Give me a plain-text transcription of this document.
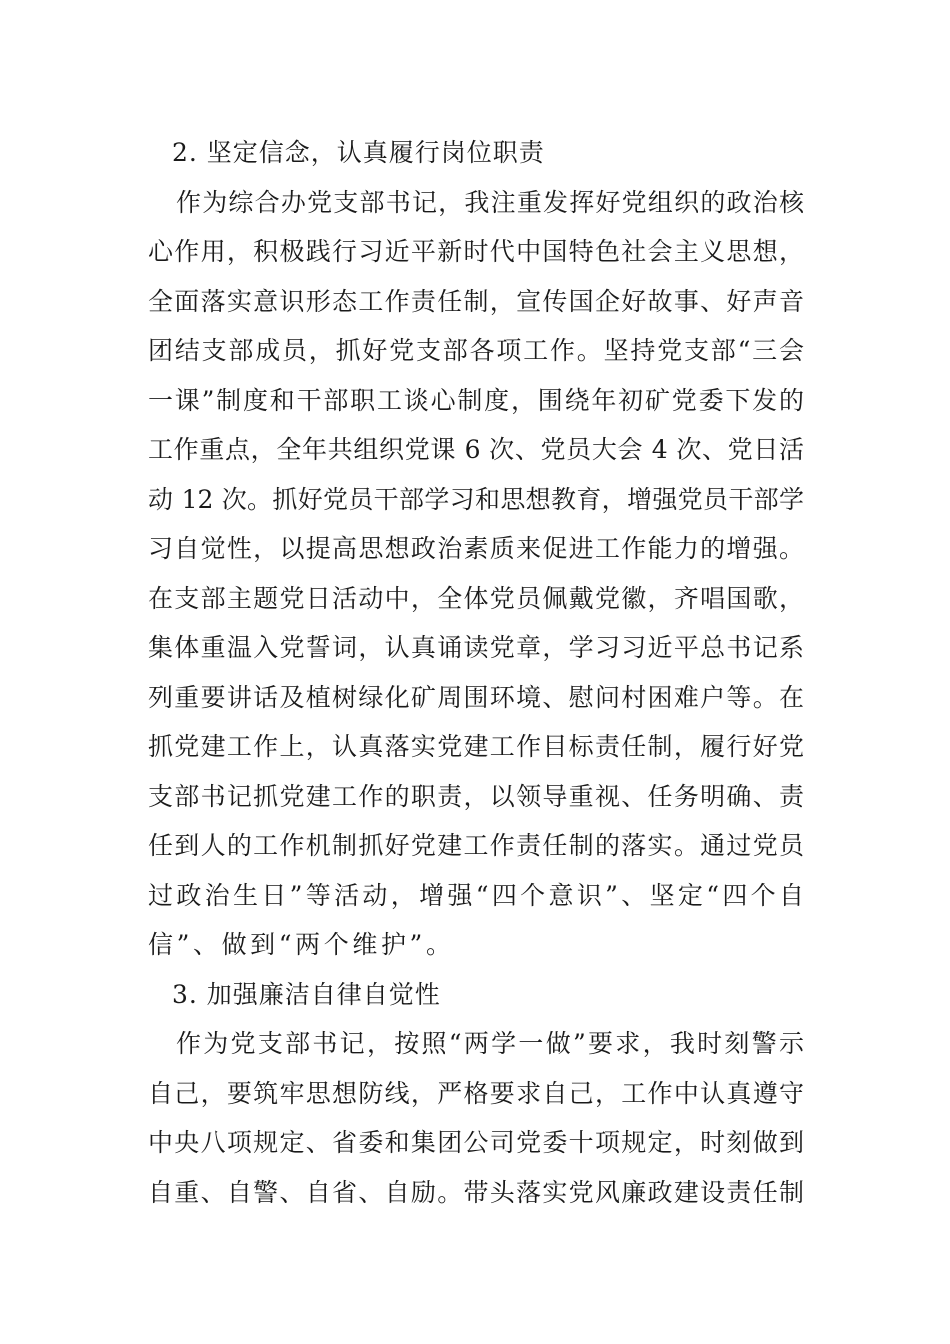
2. 坚定信念，认真履行岗位职责
作为综合办党支部书记，我注重发挥好党组织的政治核
心作用，积极践行习近平新时代中国特色社会主义思想，
全面落实意识形态工作责任制，宣传国企好故事、好声音
团结支部成员，抓好党支部各项工作。坚持党支部“三会
一课”制度和干部职工谈心制度，围绕年初矿党委下发的
工作重点，全年共组织党课 6 次、党员大会 4 次、党日活
动 12 次。抓好党员干部学习和思想教育，增强党员干部学
习自觉性，以提高思想政治素质来促进工作能力的增强。
在支部主题党日活动中，全体党员佩戴党徽，齐唱国歌，
集体重温入党誓词，认真诵读党章，学习习近平总书记系
列重要讲话及植树绿化矿周围环境、慰问村困难户等。在
抓党建工作上，认真落实党建工作目标责任制，履行好党
支部书记抓党建工作的职责，以领导重视、任务明确、责
任到人的工作机制抓好党建工作责任制的落实。通过党员
过政治生日”等活动，增强“四个意识”、坚定“四个自
信”、做到“两个维护”。
3. 加强廉洁自律自觉性
作为党支部书记，按照“两学一做”要求，我时刻警示
自己，要筑牢思想防线，严格要求自己，工作中认真遵守
中央八项规定、省委和集团公司党委十项规定，时刻做到
自重、自警、自省、自励。带头落实党风廉政建设责任制
